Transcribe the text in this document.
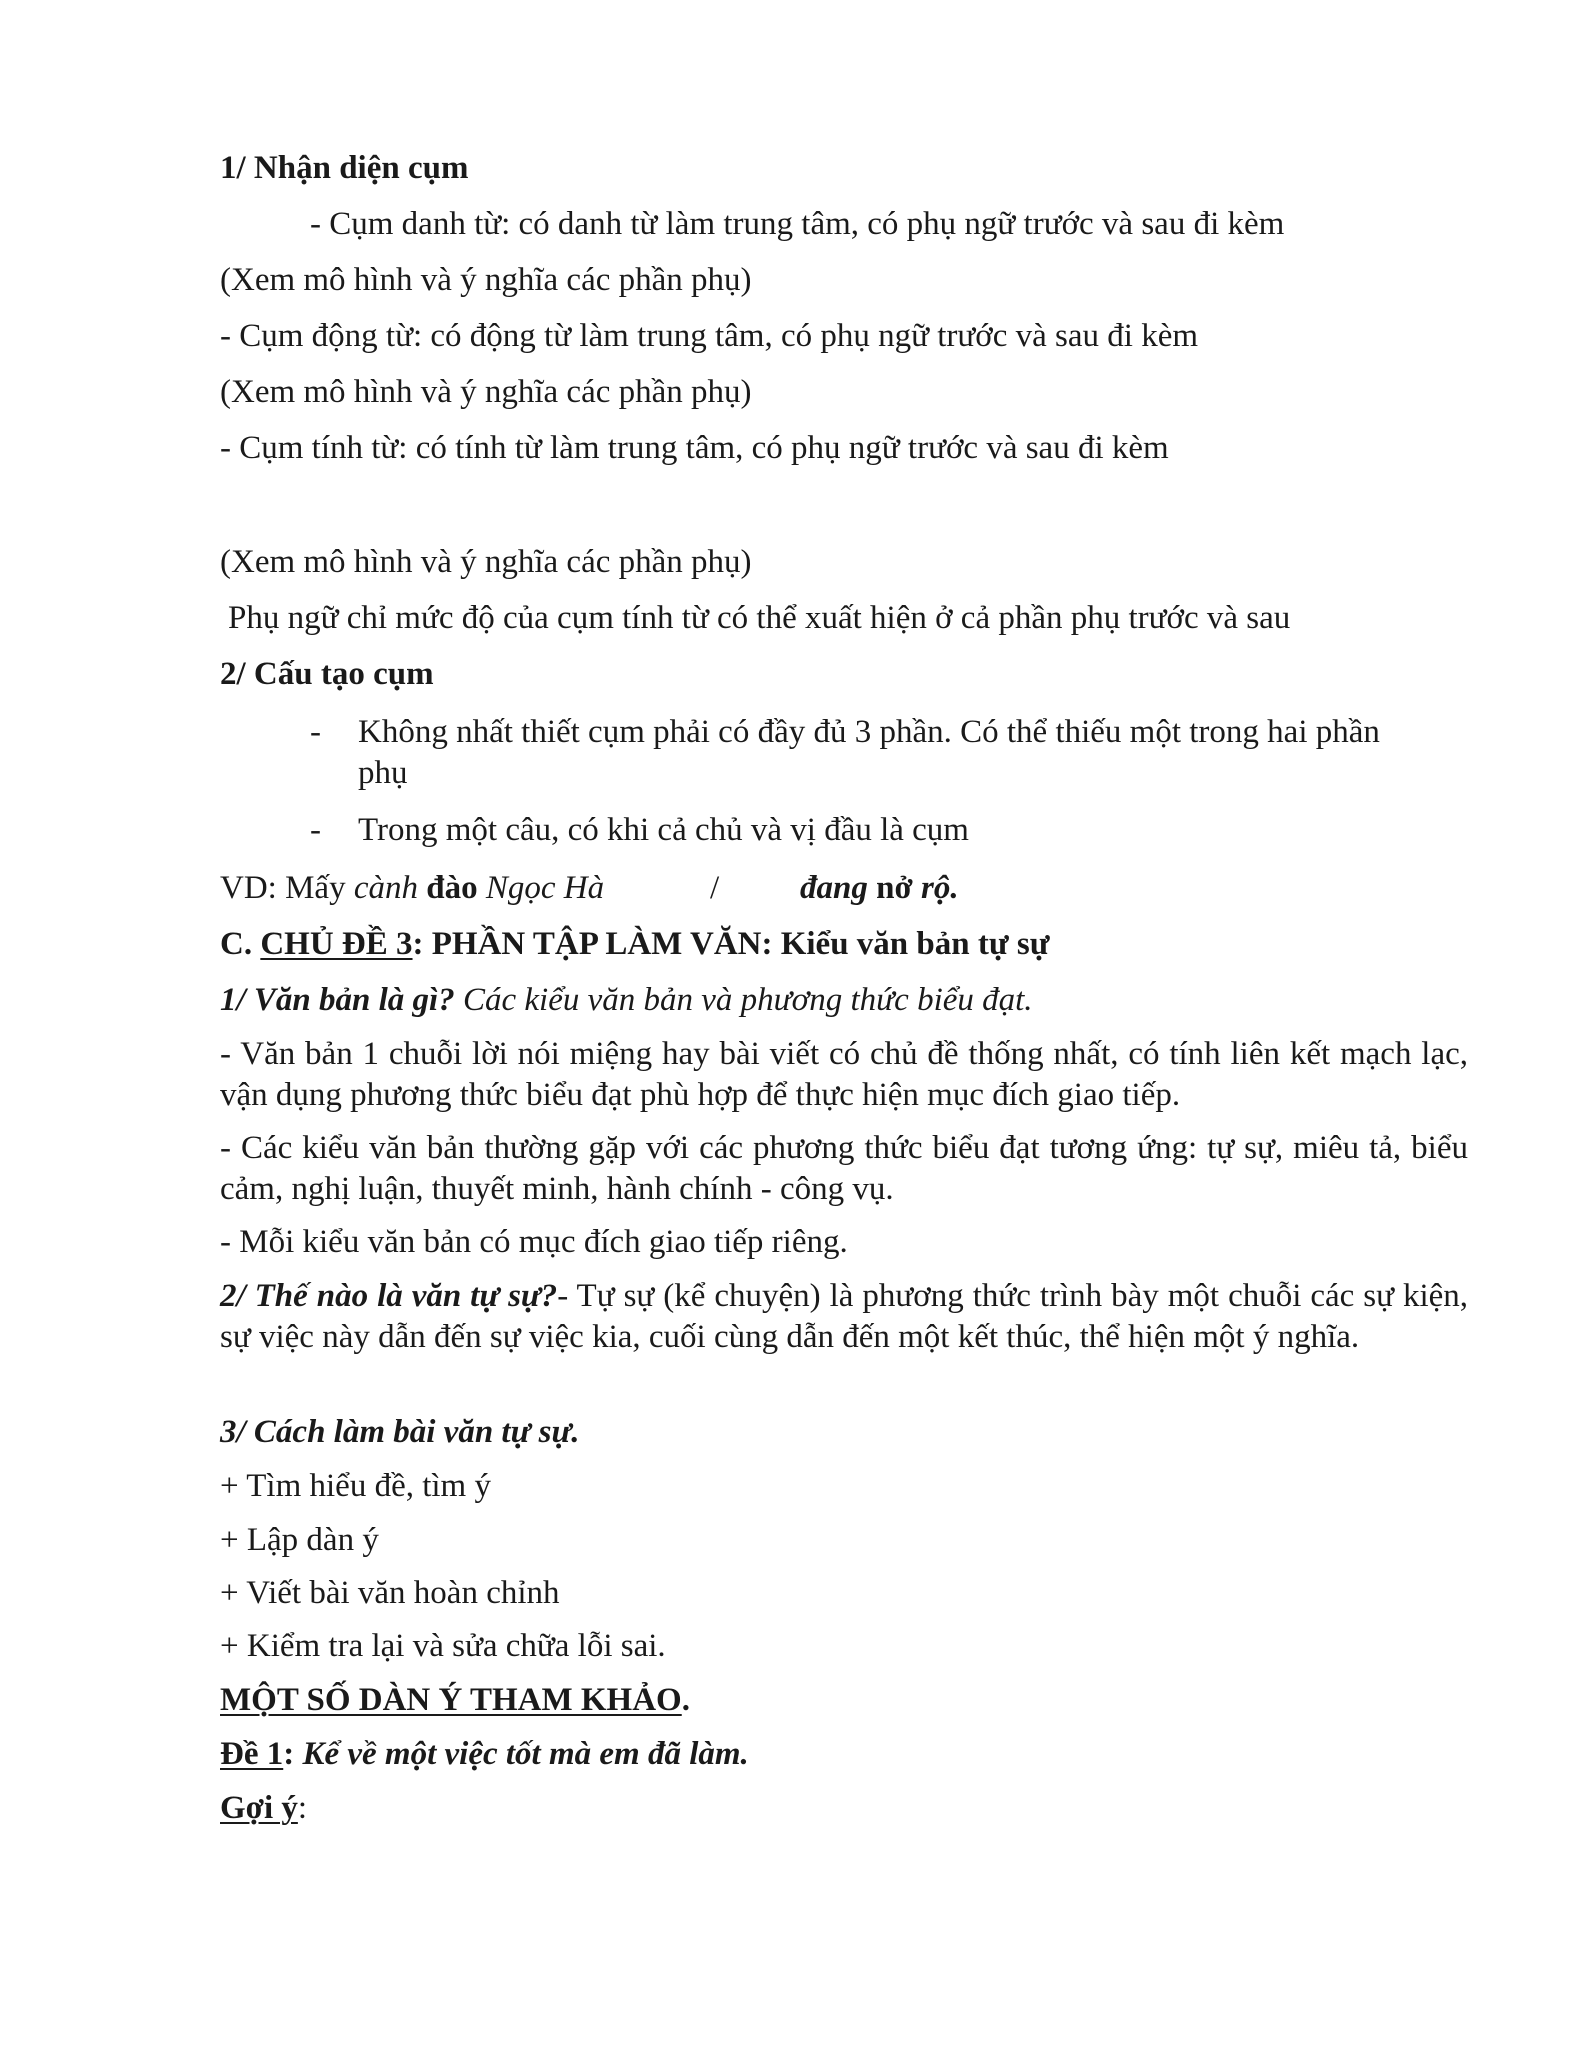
1/ Nhận diện cụm
- Cụm danh từ: có danh từ làm trung tâm, có phụ ngữ trước và sau đi kèm
(Xem mô hình và ý nghĩa các phần phụ)
- Cụm động từ: có động từ làm trung tâm, có phụ ngữ trước và sau đi kèm
(Xem mô hình và ý nghĩa các phần phụ)
- Cụm tính từ: có tính từ làm trung tâm, có phụ ngữ trước và sau đi kèm
(Xem mô hình và ý nghĩa các phần phụ)
Phụ ngữ chỉ mức độ của cụm tính từ có thể xuất hiện ở cả phần phụ trước và sau
2/ Cấu tạo cụm
- Không nhất thiết cụm phải có đầy đủ 3 phần. Có thể thiếu một trong hai phần phụ
- Trong một câu, có khi cả chủ và vị đầu là cụm
VD: Mấy cành đào Ngọc Hà	/ đang nở rộ.
C. CHỦ ĐỀ 3: PHẦN TẬP LÀM VĂN: Kiểu văn bản tự sự
1/ Văn bản là gì? Các kiểu văn bản và phương thức biểu đạt.
- Văn bản 1 chuỗi lời nói miệng hay bài viết có chủ đề thống nhất, có tính liên kết mạch lạc, vận dụng phương thức biểu đạt phù hợp để thực hiện mục đích giao tiếp.
- Các kiểu văn bản thường gặp với các phương thức biểu đạt tương ứng: tự sự, miêu tả, biểu cảm, nghị luận, thuyết minh, hành chính - công vụ.
- Mỗi kiểu văn bản có mục đích giao tiếp riêng.
2/ Thế nào là văn tự sự?- Tự sự (kể chuyện) là phương thức trình bày một chuỗi các sự kiện, sự việc này dẫn đến sự việc kia, cuối cùng dẫn đến một kết thúc, thể hiện một ý nghĩa.
3/ Cách làm bài văn tự sự.
+ Tìm hiểu đề, tìm ý
+ Lập dàn ý
+ Viết bài văn hoàn chỉnh
+ Kiểm tra lại và sửa chữa lỗi sai.
MỘT SỐ DÀN Ý THAM KHẢO.
Đề 1: Kể về một việc tốt mà em đã làm.
Gợi ý:
